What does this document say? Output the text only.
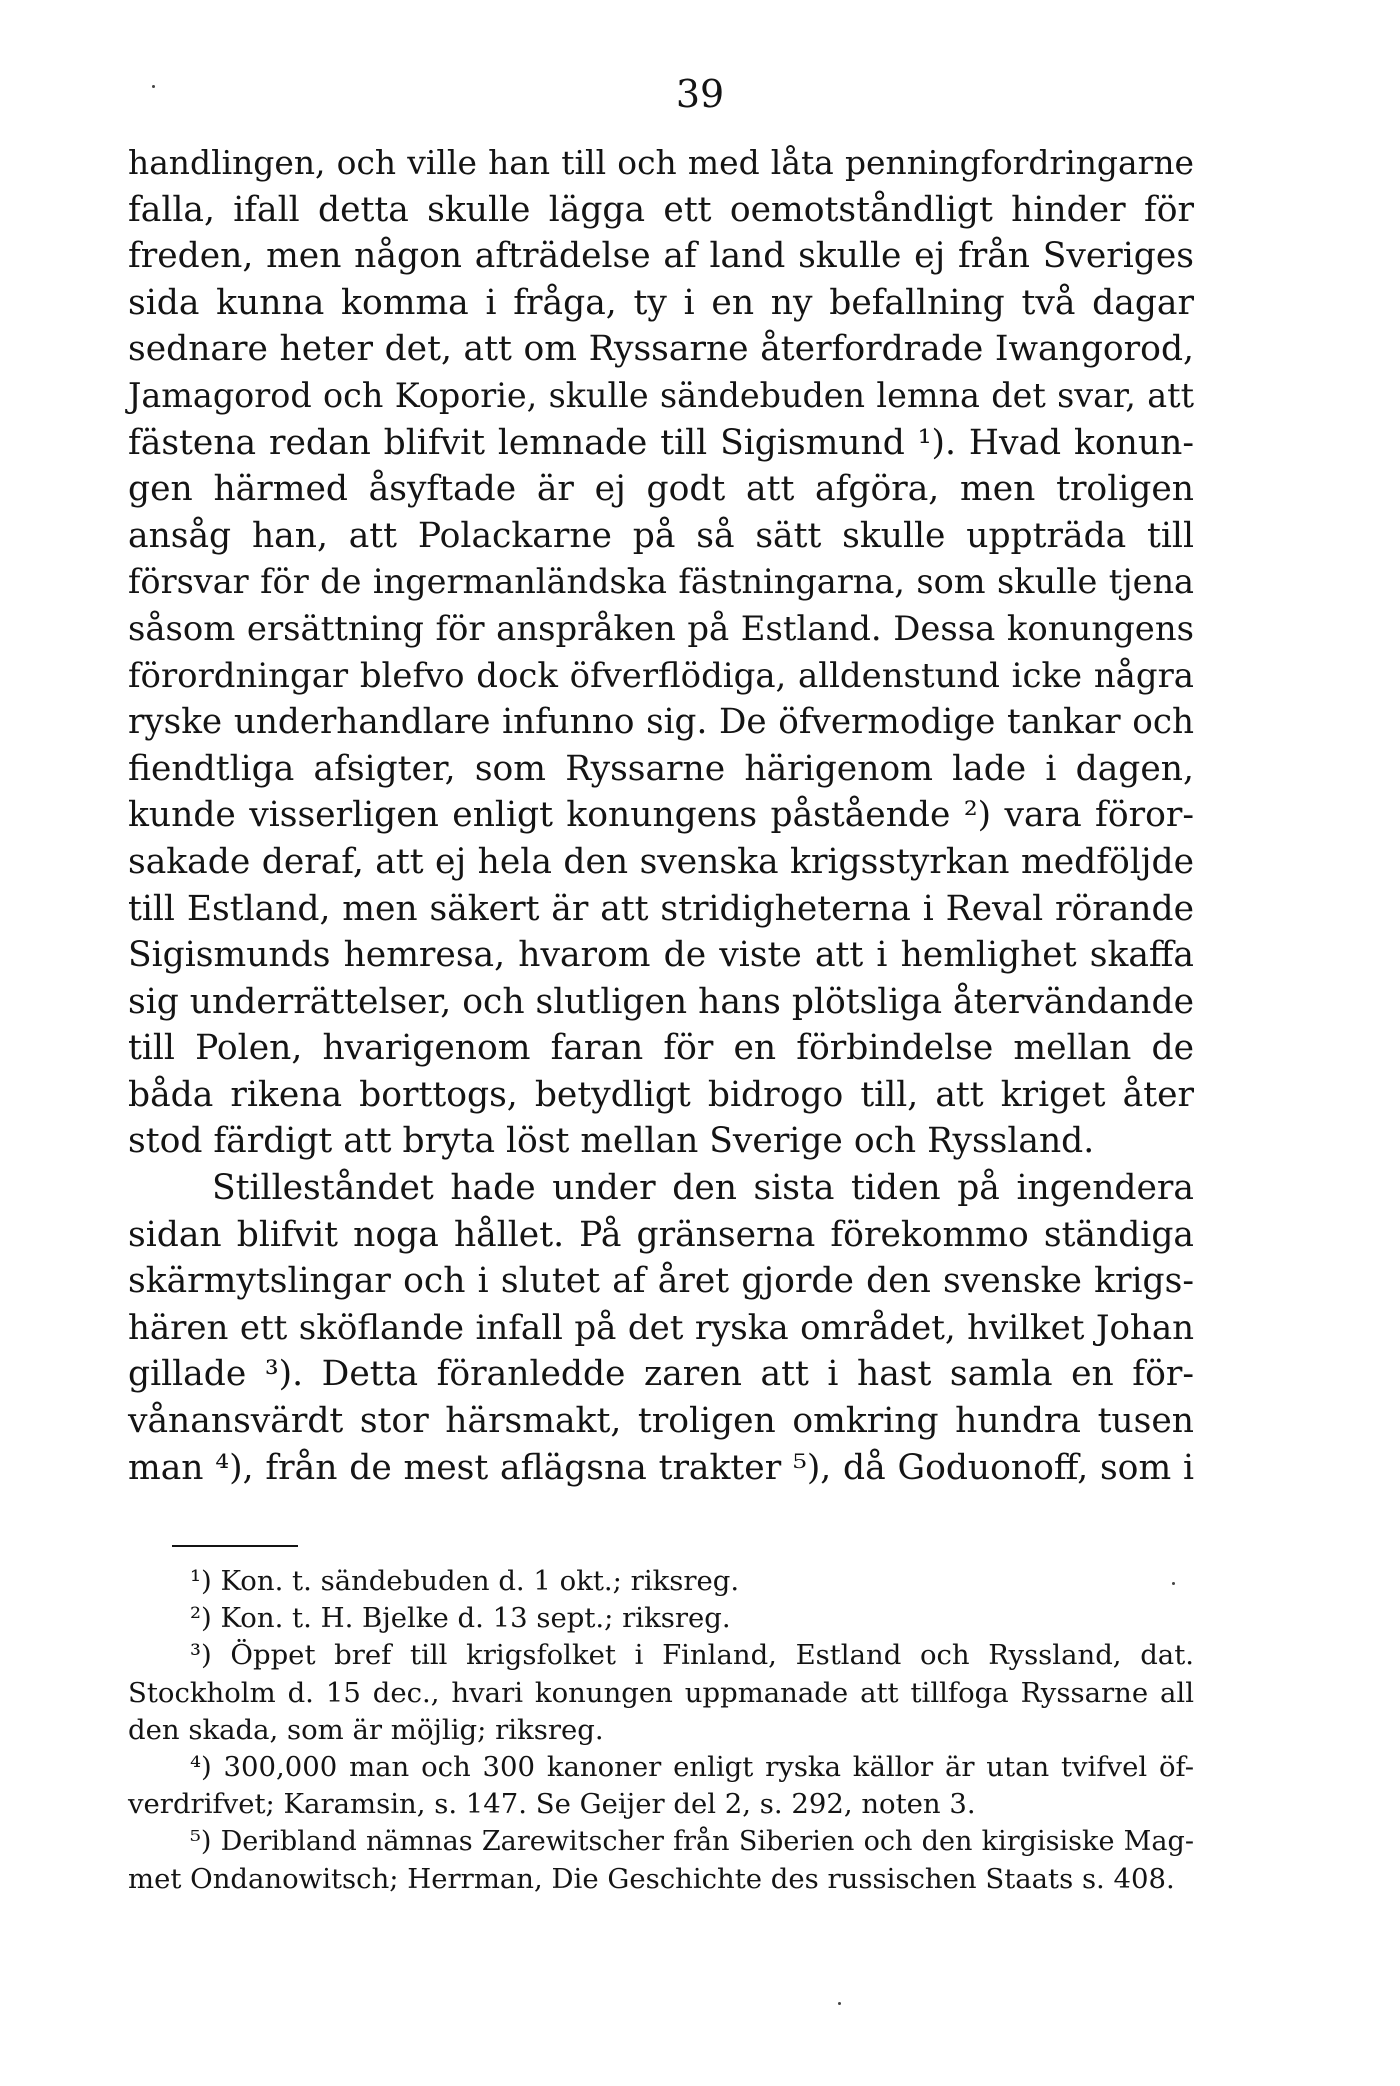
39
handlingen, och ville han till och med låta penningfordringarne
falla, ifall detta skulle lägga ett oemotståndligt hinder för
freden, men någon afträdelse af land skulle ej från Sveriges
sida kunna komma i fråga, ty i en ny befallning två dagar
sednare heter det, att om Ryssarne återfordrade Iwangorod,
Jamagorod och Koporie, skulle sändebuden lemna det svar, att
fästena redan blifvit lemnade till Sigismund ¹). Hvad konun-
gen härmed åsyftade är ej godt att afgöra, men troligen
ansåg han, att Polackarne på så sätt skulle uppträda till
försvar för de ingermanländska fästningarna, som skulle tjena
såsom ersättning för anspråken på Estland. Dessa konungens
förordningar blefvo dock öfverflödiga, alldenstund icke några
ryske underhandlare infunno sig. De öfvermodige tankar och
fiendtliga afsigter, som Ryssarne härigenom lade i dagen,
kunde visserligen enligt konungens påstående ²) vara föror-
sakade deraf, att ej hela den svenska krigsstyrkan medföljde
till Estland, men säkert är att stridigheterna i Reval rörande
Sigismunds hemresa, hvarom de viste att i hemlighet skaffa
sig underrättelser, och slutligen hans plötsliga återvändande
till Polen, hvarigenom faran för en förbindelse mellan de
båda rikena borttogs, betydligt bidrogo till, att kriget åter
stod färdigt att bryta löst mellan Sverige och Ryssland.
Stilleståndet hade under den sista tiden på ingendera
sidan blifvit noga hållet. På gränserna förekommo ständiga
skärmytslingar och i slutet af året gjorde den svenske krigs-
hären ett sköflande infall på det ryska området, hvilket Johan
gillade ³). Detta föranledde zaren att i hast samla en för-
vånansvärdt stor härsmakt, troligen omkring hundra tusen
man ⁴), från de mest aflägsna trakter ⁵), då Goduonoff, som i
¹) Kon. t. sändebuden d. 1 okt.; riksreg.
²) Kon. t. H. Bjelke d. 13 sept.; riksreg.
³) Öppet bref till krigsfolket i Finland, Estland och Ryssland, dat.
Stockholm d. 15 dec., hvari konungen uppmanade att tillfoga Ryssarne all
den skada, som är möjlig; riksreg.
⁴) 300,000 man och 300 kanoner enligt ryska källor är utan tvifvel öf-
verdrifvet; Karamsin, s. 147. Se Geijer del 2, s. 292, noten 3.
⁵) Deribland nämnas Zarewitscher från Siberien och den kirgisiske Mag-
met Ondanowitsch; Herrman, Die Geschichte des russischen Staats s. 408.
